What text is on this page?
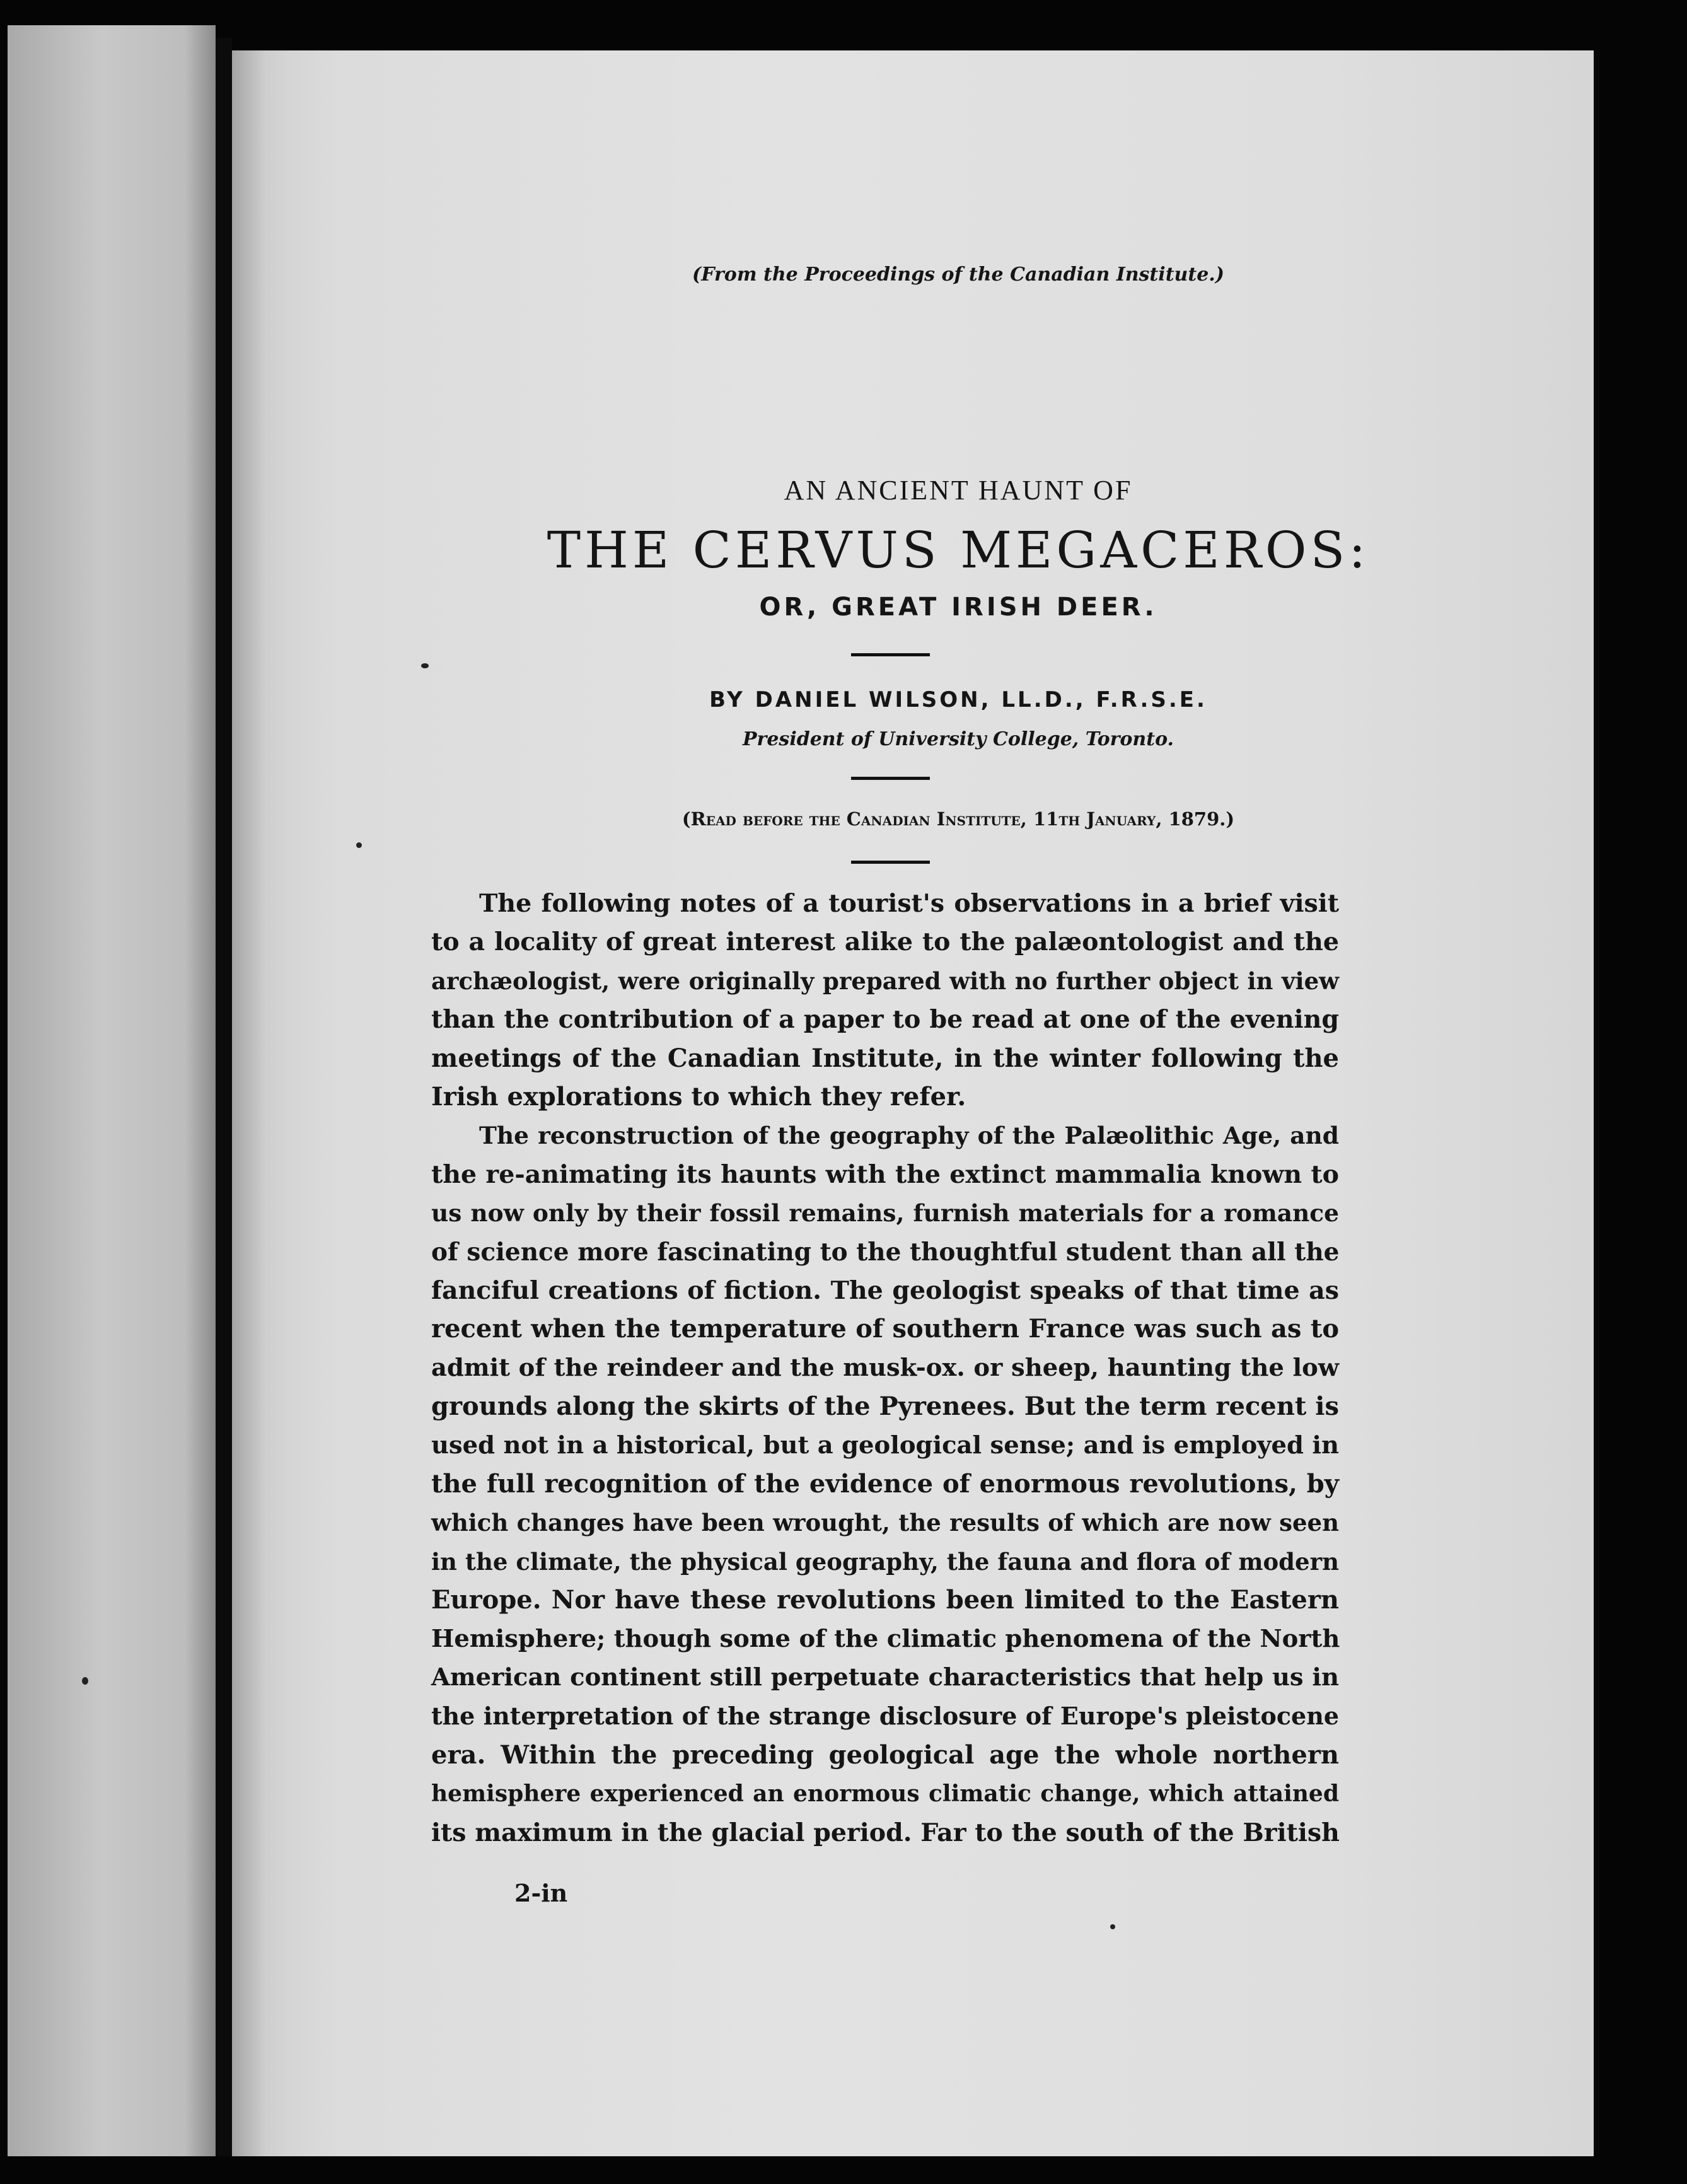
(From the Proceedings of the Canadian Institute.)

AN ANCIENT HAUNT OF

THE CERVUS MEGACEROS:

OR, GREAT IRISH DEER.

BY DANIEL WILSON, LL.D., F.R.S.E.

President of University College, Toronto.

(Read before the Canadian Institute, 11th January, 1879.)

The following notes of a tourist's observations in a brief visit

to a locality of great interest alike to the palæontologist and the

archæologist, were originally prepared with no further object in view

than the contribution of a paper to be read at one of the evening

meetings of the Canadian Institute, in the winter following the

Irish explorations to which they refer.

The reconstruction of the geography of the Palæolithic Age, and

the re-animating its haunts with the extinct mammalia known to

us now only by their fossil remains, furnish materials for a romance

of science more fascinating to the thoughtful student than all the

fanciful creations of fiction. The geologist speaks of that time as

recent when the temperature of southern France was such as to

admit of the reindeer and the musk-ox. or sheep, haunting the low

grounds along the skirts of the Pyrenees. But the term recent is

used not in a historical, but a geological sense; and is employed in

the full recognition of the evidence of enormous revolutions, by

which changes have been wrought, the results of which are now seen

in the climate, the physical geography, the fauna and flora of modern

Europe. Nor have these revolutions been limited to the Eastern

Hemisphere; though some of the climatic phenomena of the North

American continent still perpetuate characteristics that help us in

the interpretation of the strange disclosure of Europe's pleistocene

era. Within the preceding geological age the whole northern

hemisphere experienced an enormous climatic change, which attained

its maximum in the glacial period. Far to the south of the British

2-in
